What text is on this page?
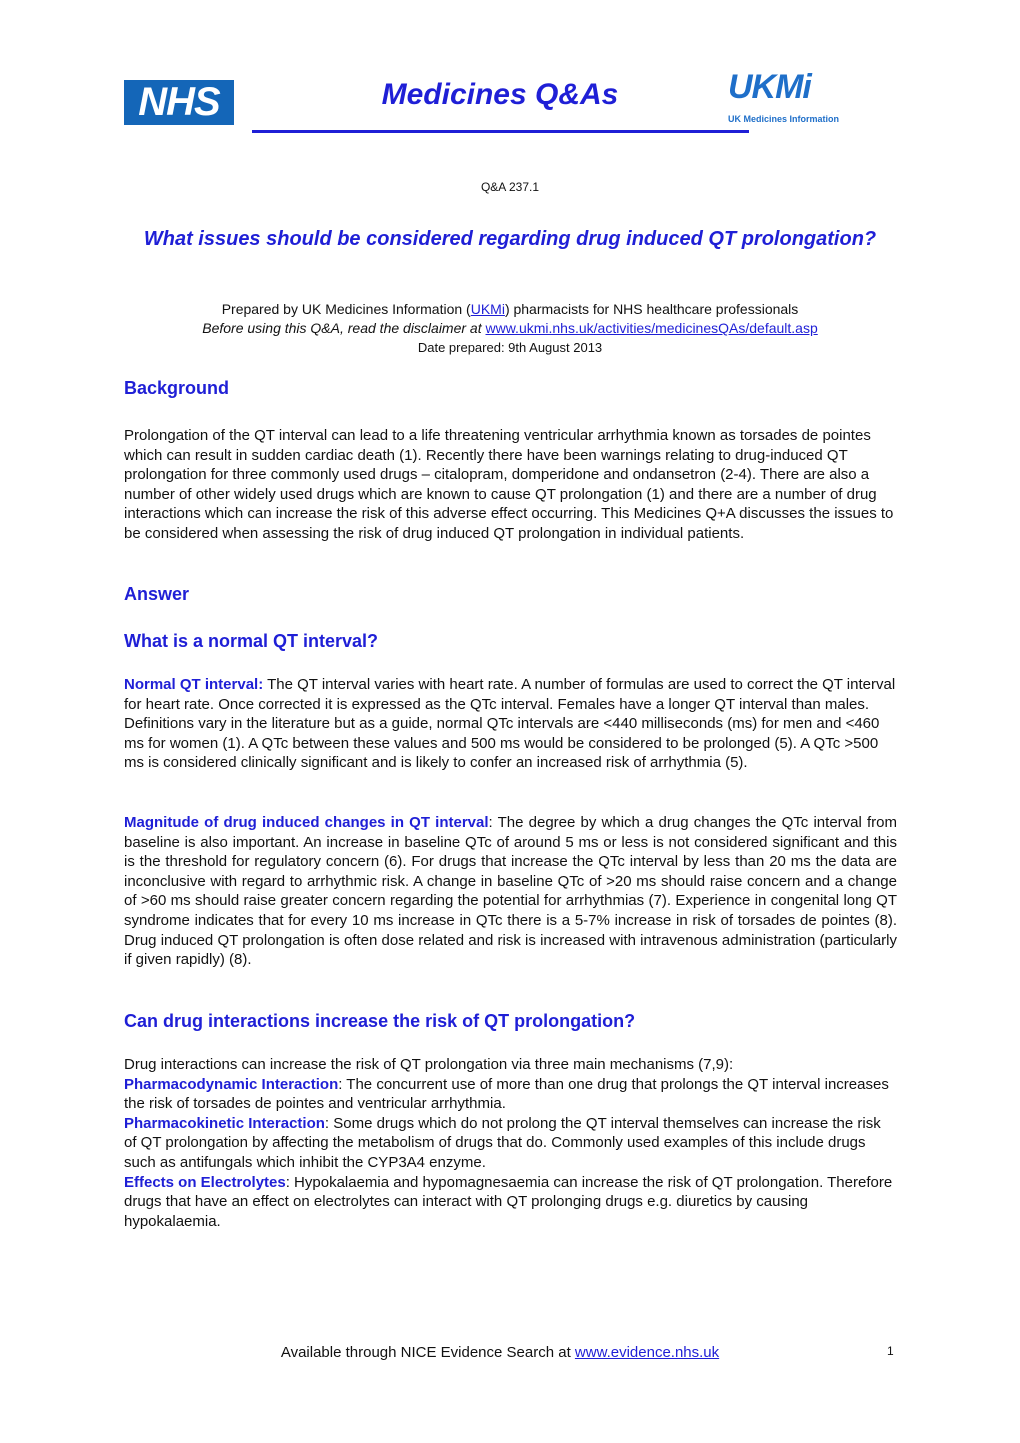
NHS	Medicines Q&As	UKMi
UK Medicines Information
Q&A 237.1
What issues should be considered regarding drug induced QT prolongation?
Prepared by UK Medicines Information (UKMi) pharmacists for NHS healthcare professionals
Before using this Q&A, read the disclaimer at www.ukmi.nhs.uk/activities/medicinesQAs/default.asp
Date prepared: 9th August 2013
Background
Prolongation of the QT interval can lead to a life threatening ventricular arrhythmia known as torsades de pointes which can result in sudden cardiac death (1). Recently there have been warnings relating to drug-induced QT prolongation for three commonly used drugs – citalopram, domperidone and ondansetron (2-4). There are also a number of other widely used drugs which are known to cause QT prolongation (1) and there are a number of drug interactions which can increase the risk of this adverse effect occurring. This Medicines Q+A discusses the issues to be considered when assessing the risk of drug induced QT prolongation in individual patients.
Answer
What is a normal QT interval?
Normal QT interval: The QT interval varies with heart rate. A number of formulas are used to correct the QT interval for heart rate. Once corrected it is expressed as the QTc interval. Females have a longer QT interval than males. Definitions vary in the literature but as a guide, normal QTc intervals are <440 milliseconds (ms) for men and <460 ms for women (1). A QTc between these values and 500 ms would be considered to be prolonged (5). A QTc >500 ms is considered clinically significant and is likely to confer an increased risk of arrhythmia (5).
Magnitude of drug induced changes in QT interval: The degree by which a drug changes the QTc interval from baseline is also important. An increase in baseline QTc of around 5 ms or less is not considered significant and this is the threshold for regulatory concern (6). For drugs that increase the QTc interval by less than 20 ms the data are inconclusive with regard to arrhythmic risk. A change in baseline QTc of >20 ms should raise concern and a change of >60 ms should raise greater concern regarding the potential for arrhythmias (7). Experience in congenital long QT syndrome indicates that for every 10 ms increase in QTc there is a 5-7% increase in risk of torsades de pointes (8). Drug induced QT prolongation is often dose related and risk is increased with intravenous administration (particularly if given rapidly) (8).
Can drug interactions increase the risk of QT prolongation?
Drug interactions can increase the risk of QT prolongation via three main mechanisms (7,9):
Pharmacodynamic Interaction: The concurrent use of more than one drug that prolongs the QT interval increases the risk of torsades de pointes and ventricular arrhythmia.
Pharmacokinetic Interaction: Some drugs which do not prolong the QT interval themselves can increase the risk of QT prolongation by affecting the metabolism of drugs that do. Commonly used examples of this include drugs such as antifungals which inhibit the CYP3A4 enzyme.
Effects on Electrolytes: Hypokalaemia and hypomagnesaemia can increase the risk of QT prolongation. Therefore drugs that have an effect on electrolytes can interact with QT prolonging drugs e.g. diuretics by causing hypokalaemia.
Available through NICE Evidence Search at www.evidence.nhs.uk	1
